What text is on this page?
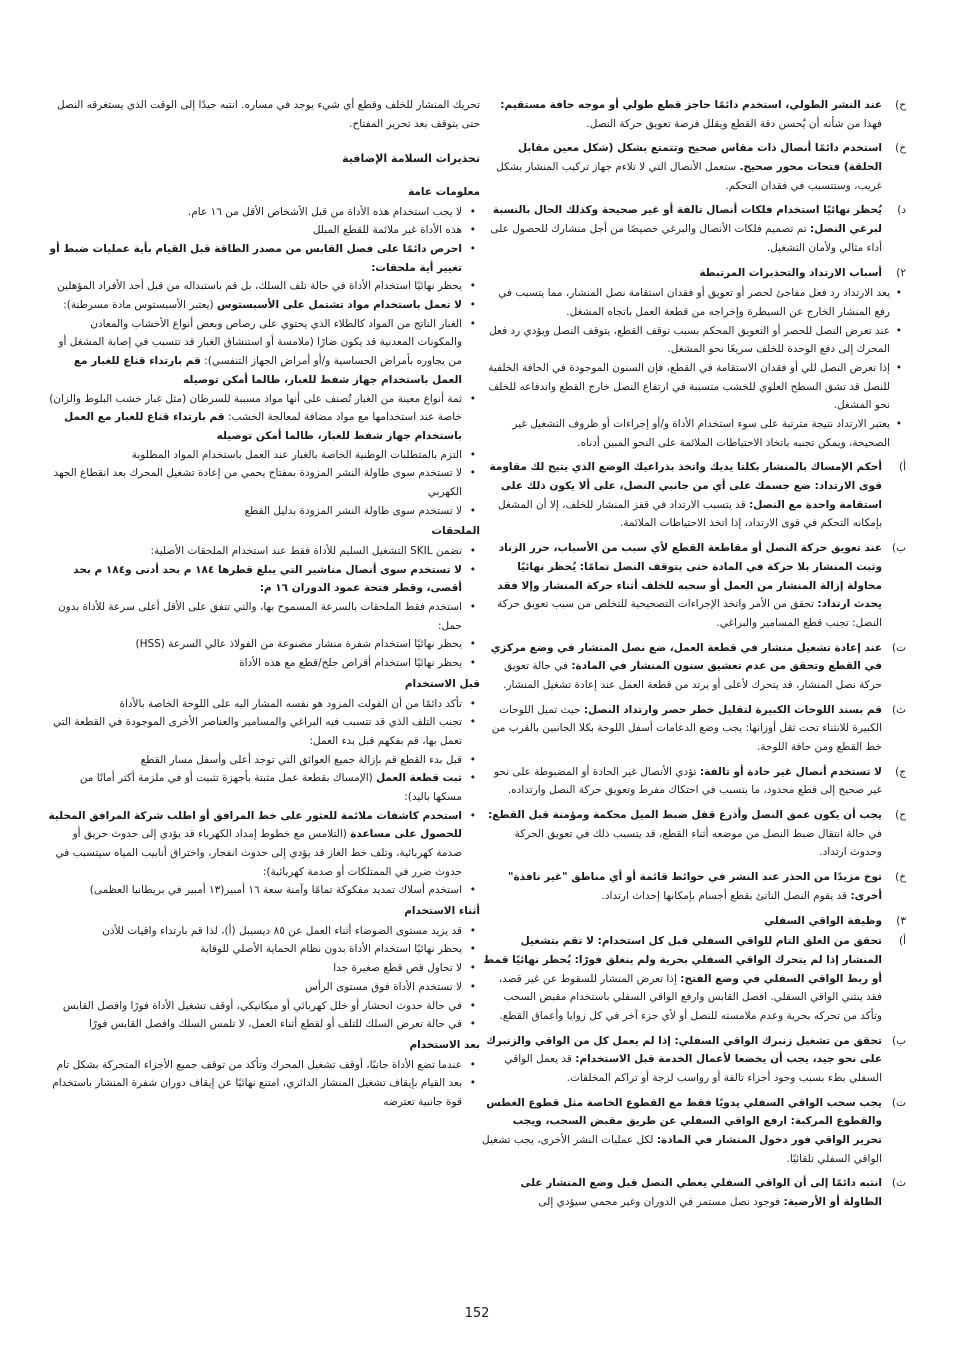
ح)

عند النشر الطولي، استخدم دائمًا حاجز قطع طولي أو موجه حافة مستقيم: فهذا من شأنه أن يُحسن دقة القطع ويقلل فرصة تعويق حركة النصل.

خ)

استخدم دائمًا أنصال ذات مقاس صحيح وتتمتع بشكل (شكل معين مقابل الحلقة) فتحات محور صحيح. ستعمل الأنصال التي لا تلاءم جهاز تركيب المنشار بشكل غريب، وستتسبب في فقدان التحكم.

د)

يُحظر نهائيًا استخدام فلكات أنصال تالفة أو غير صحيحة وكذلك الحال بالنسبة لبرغي النصل: تم تصميم فلكات الأنصال والبرغي خصيصًا من أجل منشارك للحصول على أداء مثالي ولأمان التشغيل.

٢)

أسباب الارتداد والتحذيرات المرتبطة

• يعد الارتداد رد فعل مفاجئ لحصر أو تعويق أو فقدان استقامة نصل المنشار، مما يتسبب في رفع المنشار الخارج عن السيطرة وإخراجه من قطعة العمل باتجاه المشغل.
• عند تعرض النصل للحصر أو التعويق المحكم بسبب توقف القطع، يتوقف النصل ويؤدي رد فعل المحرك إلى دفع الوحدة للخلف سريعًا نحو المشغل.
• إذا تعرض النصل للي أو فقدان الاستقامة في القطع، فإن السنون الموجودة في الحافة الخلفية للنصل قد تشق السطح العلوي للخشب متسببة في ارتفاع النصل خارج القطع واندفاعه للخلف نحو المشغل.
• يعتبر الارتداد نتيجة مترتبة على سوء استخدام الأداة و/أو إجراءات أو ظروف التشغيل غير الصحيحة، ويمكن تجنبه باتخاذ الاحتياطات الملائمة على النحو المبين أدناه.
أ)

أحكم الإمساك بالمنشار بكلتا يديك واتخذ بذراعيك الوضع الذي يتيح لك مقاومة قوى الارتداد: ضع جسمك على أي من جانبي النصل، على ألا يكون ذلك على استقامة واحدة مع النصل: قد يتسبب الارتداد في قفز المنشار للخلف، إلا أن المشغل بإمكانه التحكم في قوى الارتداد، إذا اتخذ الاحتياطات الملائمة.

ب)

عند تعويق حركة النصل أو مقاطعة القطع لأي سبب من الأسباب، حرر الزناد وثبت المنشار بلا حركة في المادة حتى يتوقف النصل تمامًا: يُحظر نهائيًا محاولة إزالة المنشار من العمل أو سحبه للخلف أثناء حركة المنشار وإلا فقد يحدث ارتداد: تحقق من الأمر واتخذ الإجراءات التصحيحية للتخلص من سبب تعويق حركة النصل: تجنب قطع المسامير والبراغي.

ت)

عند إعادة تشغيل منشار في قطعة العمل، ضع نصل المنشار في وضع مركزي في القطع وتحقق من عدم تعشيق سنون المنشار في المادة: في حالة تعويق حركة نصل المنشار، قد يتحرك لأعلى أو يرتد من قطعة العمل عند إعادة تشغيل المنشار.

ث)

قم بسند اللوحات الكبيرة لتقليل خطر حصر وارتداد النصل: حيث تميل اللوحات الكبيرة للانثناء تحت ثقل أوزانها: يجب وضع الدعامات أسفل اللوحة بكلا الجانبين بالقرب من خط القطع ومن حافة اللوحة.

ج)

لا تستخدم أنصال غير حادة أو تالفة: تؤدي الأنصال غير الحادة أو المضبوطة على نحو غير صحيح إلى قطع محدود، ما يتسبب في احتكاك مفرط وتعويق حركة النصل وارتداده.

ح)

يجب أن يكون عمق النصل وأذرع قفل ضبط الميل محكمة ومؤمنة قبل القطع: في حالة انتقال ضبط النصل من موضعه أثناء القطع، قد يتسبب ذلك في تعويق الحركة وحدوث ارتداد.

خ)

توخ مزيدًا من الحذر عند النشر في حوائط قائمة أو أي مناطق "غير نافذة" أخرى: قد يقوم النصل الناتئ بقطع أجسام بإمكانها إحداث ارتداد.

٣)

وظيفة الواقي السفلي

أ)

تحقق من الغلق التام للواقي السفلي قبل كل استخدام: لا تقم بتشغيل المنشار إذا لم يتحرك الواقي السفلي بحرية ولم ينغلق فورًا: يُحظر نهائيًا قمط أو ربط الواقي السفلي في وضع الفتح: إذا تعرض المنشار للسقوط عن غير قصد، فقد ينثني الواقي السفلي. افصل القابس وارفع الواقي السفلي باستخدام مقبض السحب وتأكد من تحركه بحرية وعدم ملامسته للنصل أو لأي جزء آخر في كل زوايا وأعماق القطع.

ب)

تحقق من تشغيل زنبرك الواقي السفلي: إذا لم يعمل كل من الواقي والزنبرك على نحو جيد، يجب أن يخضعا لأعمال الخدمة قبل الاستخدام: قد يعمل الواقي السفلي بطء بسبب وجود أجزاء تالفة أو رواسب لزجة أو تراكم المخلفات.

ت)

يجب سحب الواقي السفلي يدويًا فقط مع القطوع الخاصة مثل قطوع الغطس والقطوع المركبة: ارفع الواقي السفلي عن طريق مقبض السحب، ويجب تحرير الواقي فور دخول المنشار في المادة: لكل عمليات النشر الأخرى، يجب تشغيل الواقي السفلي تلقائيًا.

ث)

انتبه دائمًا إلى أن الواقي السفلي يغطي النصل قبل وضع المنشار على الطاولة أو الأرضية: فوجود نصل مستمر في الدوران وغير محمي سيؤدي إلى

تحريك المنشار للخلف وقطع أي شيء يوجد في مساره. انتبه جيدًا إلى الوقت الذي يستغرقه النصل حتى يتوقف بعد تحرير المفتاح.

تحذيرات السلامة الإضافية

معلومات عامة

• لا يجب استخدام هذه الأداة من قبل الأشخاص الأقل من ١٦ عام.
• هذه الأداة غير ملائمة للقطع المبلل
• احرص دائمًا على فصل القابس من مصدر الطاقة قبل القيام بأية عمليات ضبط أو تغيير أية ملحقات:
• يحظر نهائيًا استخدام الأداة في حالة تلف السلك، بل قم باستبداله من قبل أحد الأفراد المؤهلين
• لا تعمل باستخدام مواد تشتمل على الأسبستوس (يعتبر الأسبستوس مادة مسرطنة):
• الغبار الناتج من المواد كالطلاء الذي يحتوي على رصاص وبعض أنواع الأخشاب والمعادن والمكونات المعدنية قد يكون ضارًا (ملامسة أو استنشاق الغبار قد تتسبب في إصابة المشغل أو من يجاوره بأمراض الحساسية و/أو أمراض الجهاز التنفسي): قم بارتداء قناع للغبار مع العمل باستخدام جهاز شفط للغبار، طالما أمكن توصيله
• ثمة أنواع معينة من الغبار تُصنف على أنها مواد مسببة للسرطان (مثل غبار خشب البلوط والزان) خاصة عند استخدامها مع مواد مضافة لمعالجة الخشب: قم بارتداء قناع للغبار مع العمل باستخدام جهاز شفط للغبار، طالما أمكن توصيله
• التزم بالمتطلبات الوطنية الخاصة بالغبار عند العمل باستخدام المواد المطلوبة
• لا تستخدم سوى طاولة النشر المزودة بمفتاح يحمي من إعادة تشغيل المحرك بعد انقطاع الجهد الكهربي
• لا تستخدم سوى طاولة النشر المزودة بدليل القطع

الملحقات

• تضمن SKIL التشغيل السليم للأداة فقط عند استخدام الملحقات الأصلية:
• لا تستخدم سوى أنصال مناشير التي يبلغ قطرها ١٨٤ م بحد أدنى و١٨٤ م بحد أقصى، وقطر فتحة عمود الدوران ١٦ م:
• استخدم فقط الملحقات بالسرعة المسموح بها، والتي تتفق على الأقل أعلى سرعة للأداة بدون حمل:
• يحظر نهائيًا استخدام شفرة منشار مصنوعة من الفولاذ عالي السرعة (HSS)
• يحظر نهائيًا استخدام أقراص جلخ/قطع مع هذه الأداة

قبل الاستخدام

• تأكد دائمًا من أن الفولت المزود هو نفسه المشار اليه على اللوحة الخاصة بالأداة
• تجنب التلف الذي قد تتسبب فيه البراغي والمسامير والعناصر الأخرى الموجودة في القطعة التي تعمل بها، قم بفكهم قبل بدء العمل:
• قبل بدء القطع قم بإزالة جميع العوائق التي توجد أعلى وأسفل مسار القطع
• ثبت قطعة العمل (الإمساك بقطعة عمل مثبتة بأجهزة تثبيت أو في ملزمة أكثر أمانًا من مسكها باليد):
• استخدم كاشفات ملائمة للعثور على خط المرافق أو اطلب شركة المرافق المحلية للحصول على مساعدة (التلامس مع خطوط إمداد الكهرباء قد يؤدي إلى حدوث حريق أو صدمة كهربائية، وتلف خط الغاز قد يؤدي إلى حدوث انفجار، واختراق أنابيب المياه سيتسبب في حدوث ضرر في الممتلكات أو صدمة كهربائية):
• استخدم أسلاك تمديد مفكوكة تمامًا وآمنة سعة ١٦ أمبير(١٣ أمبير في بريطانيا العظمى)

أثناء الاستخدام

• قد يزيد مستوى الضوضاء أثناء العمل عن ٨٥ ديسيبل (أ)، لذا قم بارتداء واقيات للأذن
• يحظر نهائيًا استخدام الأداة بدون نظام الحماية الأصلي للوقاية
• لا تحاول قص قطع صغيرة جدا
• لا تستخدم الأداة فوق مستوى الرأس
• في حالة حدوث انحشار أو خلل كهربائي أو ميكانيكي، أوقف تشغيل الأداة فورًا وافصل القابس
• في حالة تعرض السلك للتلف أو لقطع أثناء العمل، لا تلمس السلك وافصل القابس فورًا

بعد الاستخدام

• عندما تضع الأداة جانبًا، أوقف تشغيل المحرك وتأكد من توقف جميع الأجزاء المتحركة بشكل تام
• بعد القيام بإيقاف تشغيل المنشار الدائري، امتنع نهائيًا عن إيقاف دوران شفرة المنشار باستخدام قوة جانبية تعترضه
152
